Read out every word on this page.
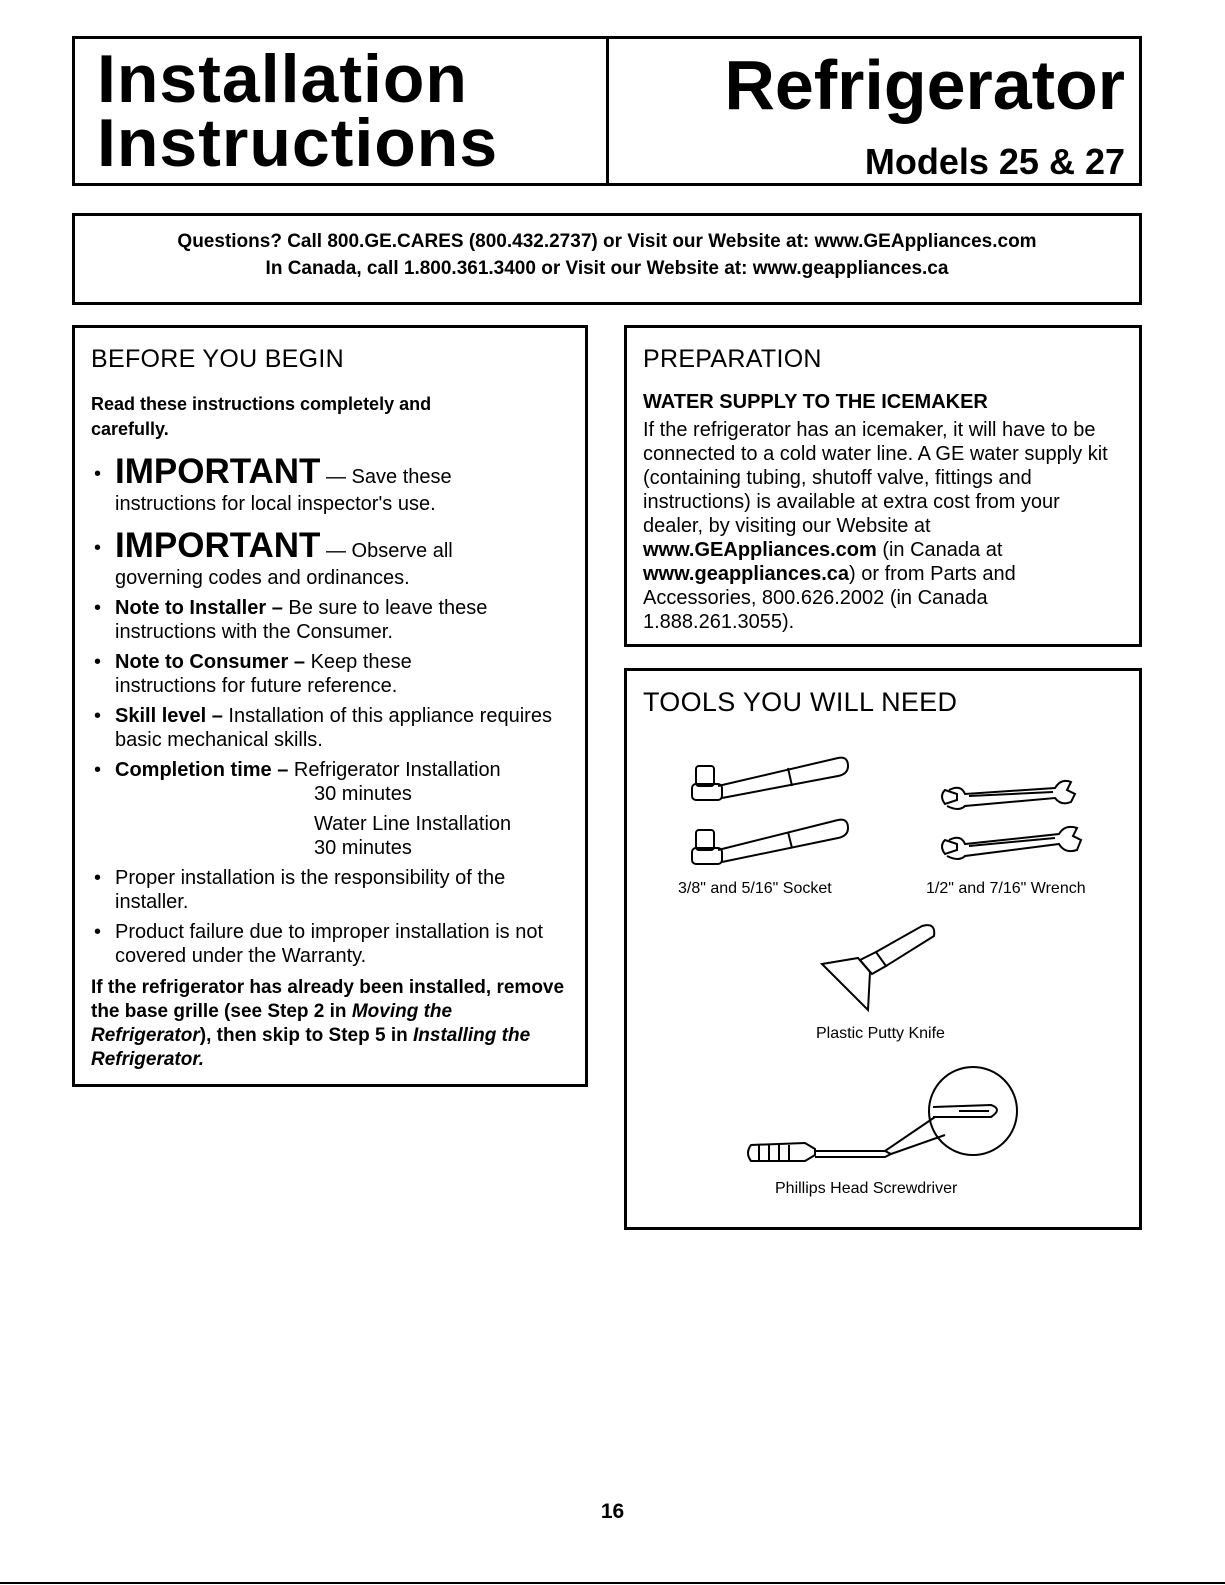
Installation
Instructions
Refrigerator
Models 25 & 27
Questions? Call 800.GE.CARES (800.432.2737) or Visit our Website at: www.GEAppliances.com
In Canada, call 1.800.361.3400 or Visit our Website at: www.geappliances.ca
BEFORE YOU BEGIN
Read these instructions completely and carefully.
• IMPORTANT — Save these
instructions for local inspector's use.
• IMPORTANT — Observe all
governing codes and ordinances.
• Note to Installer – Be sure to leave these instructions with the Consumer.
• Note to Consumer – Keep these instructions for future reference.
• Skill level – Installation of this appliance requires basic mechanical skills.
• Completion time – Refrigerator Installation
30 minutes
Water Line Installation
30 minutes
• Proper installation is the responsibility of the installer.
• Product failure due to improper installation is not covered under the Warranty.
If the refrigerator has already been installed, remove the base grille (see Step 2 in Moving the Refrigerator), then skip to Step 5 in Installing the Refrigerator.
PREPARATION
WATER SUPPLY TO THE ICEMAKER
If the refrigerator has an icemaker, it will have to be connected to a cold water line. A GE water supply kit (containing tubing, shutoff valve, fittings and instructions) is available at extra cost from your dealer, by visiting our Website at www.GEAppliances.com (in Canada at www.geappliances.ca) or from Parts and Accessories, 800.626.2002 (in Canada 1.888.261.3055).
TOOLS YOU WILL NEED
3/8" and 5/16" Socket	1/2" and 7/16" Wrench
Plastic Putty Knife
Phillips Head Screwdriver
16
